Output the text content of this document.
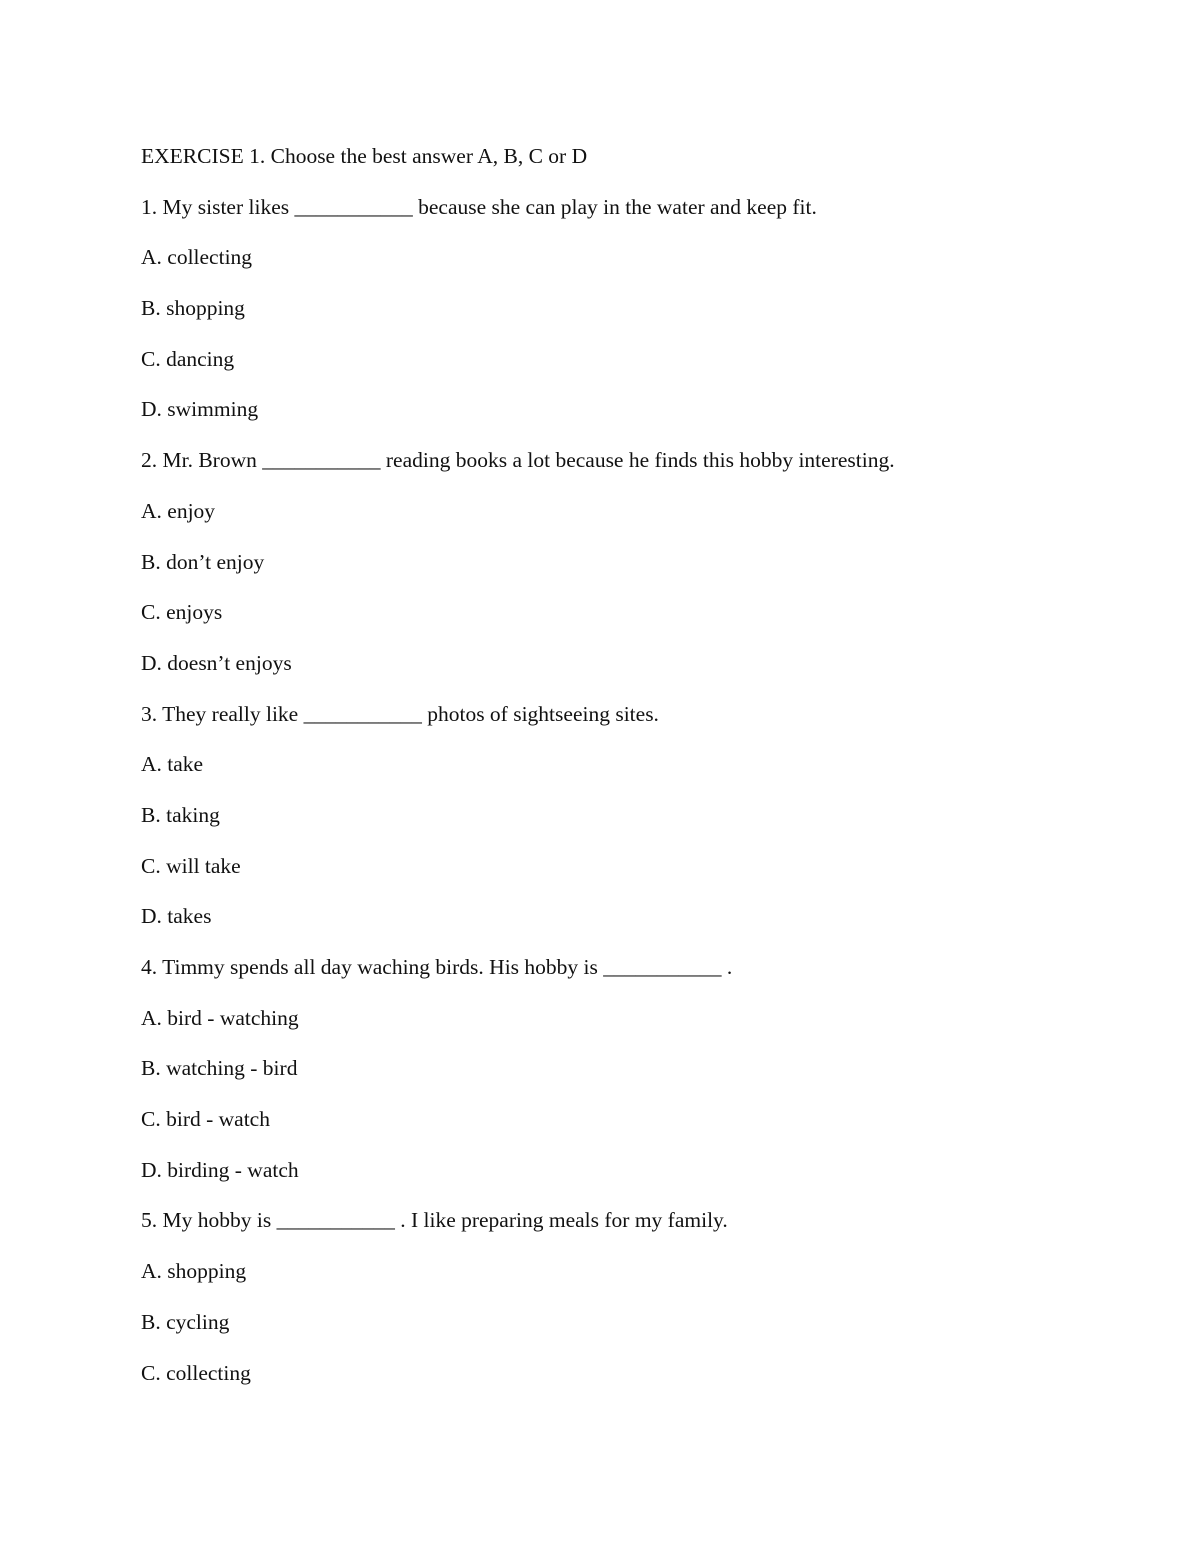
EXERCISE 1. Choose the best answer A, B, C or D

1. My sister likes ___________ because she can play in the water and keep fit.

A. collecting

B. shopping

C. dancing

D. swimming

2. Mr. Brown ___________ reading books a lot because he finds this hobby interesting.

A. enjoy

B. don’t enjoy

C. enjoys

D. doesn’t enjoys

3. They really like ___________ photos of sightseeing sites.

A. take

B. taking

C. will take

D. takes

4. Timmy spends all day waching birds. His hobby is ___________ .

A. bird - watching

B. watching - bird

C. bird - watch

D. birding - watch

5. My hobby is ___________ . I like preparing meals for my family.

A. shopping

B. cycling

C. collecting
